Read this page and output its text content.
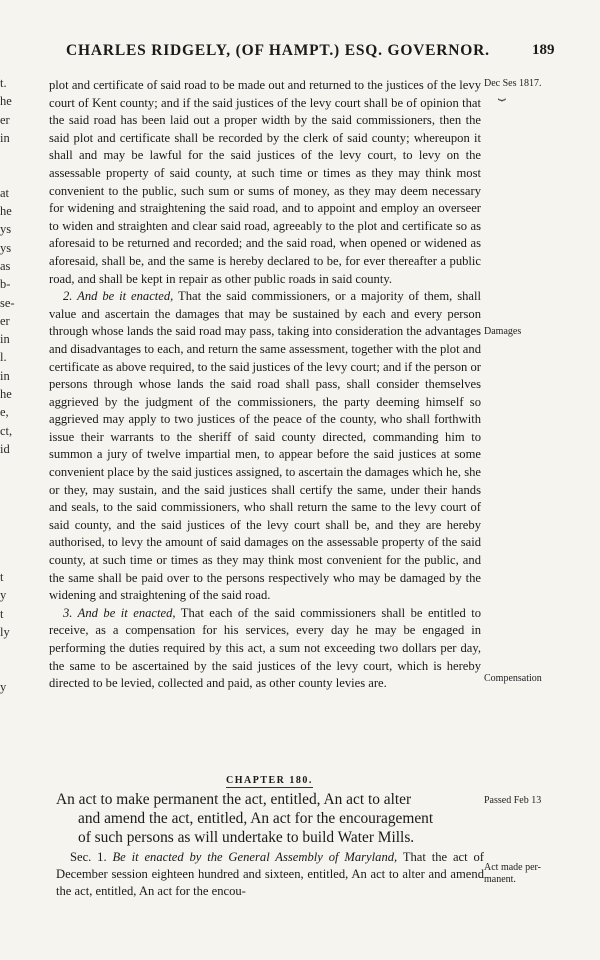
t.
he
er
in
at
he
ys
ys
as
b-
se-
er
in
l.
in
he
e,
ct,
id
t
y
t
ly
y
CHARLES RIDGELY, (OF HAMPT.) ESQ. GOVERNOR.	189
Dec Ses 1817.
⏟
Damages
Compensation
Passed Feb 13
Act made per-
manent.

plot and certificate of said road to be made out and returned to the justices of the levy court of Kent county; and if the said justices of the levy court shall be of opinion that the said road has been laid out a proper width by the said commissioners, then the said plot and certificate shall be recorded by the clerk of said county; whereupon it shall and may be lawful for the said justices of the levy court, to levy on the assessable property of said county, at such time or times as they may think most convenient to the public, such sum or sums of money, as they may deem necessary for widening and straightening the said road, and to appoint and employ an overseer to widen and straighten and clear said road, agreeably to the plot and certificate so as aforesaid to be returned and recorded; and the said road, when opened or widened as aforesaid, shall be, and the same is hereby declared to be, for ever thereafter a public road, and shall be kept in repair as other public roads in said county.

2. And be it enacted, That the said commissioners, or a majority of them, shall value and ascertain the damages that may be sustained by each and every person through whose lands the said road may pass, taking into consideration the advantages and disadvantages to each, and return the same assessment, together with the plot and certificate as above required, to the said justices of the levy court; and if the person or persons through whose lands the said road shall pass, shall consider themselves aggrieved by the judgment of the commissioners, the party deeming himself so aggrieved may apply to two justices of the peace of the county, who shall forthwith issue their warrants to the sheriff of said county directed, commanding him to summon a jury of twelve impartial men, to appear before the said justices at some convenient place by the said justices assigned, to ascertain the damages which he, she or they, may sustain, and the said justices shall certify the same, under their hands and seals, to the said commissioners, who shall return the same to the levy court of said county, and the said justices of the levy court shall be, and they are hereby authorised, to levy the amount of said damages on the assessable property of the said county, at such time or times as they may think most convenient for the public, and the same shall be paid over to the persons respectively who may be damaged by the widening and straightening of the said road.

3. And be it enacted, That each of the said commissioners shall be entitled to receive, as a compensation for his services, every day he may be engaged in performing the duties required by this act, a sum not exceeding two dollars per day, the same to be ascertained by the said justices of the levy court, which is hereby directed to be levied, collected and paid, as other county levies are.

CHAPTER 180.
An act to make permanent the act, entitled, An act to alter
and amend the act, entitled, An act for the encouragement
of such persons as will undertake to build Water Mills.

Sec. 1. Be it enacted by the General Assembly of Maryland, That the act of December session eighteen hundred and sixteen, entitled, An act to alter and amend the act, entitled, An act for the encou-
